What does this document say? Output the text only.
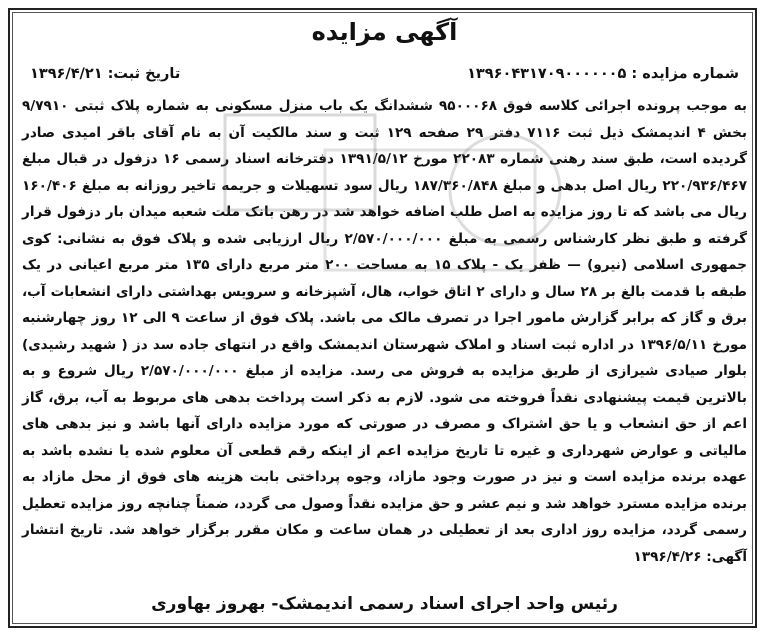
آگهی مزایده
شماره مزایده : ۱۳۹۶۰۴۳۱۷۰۹۰۰۰۰۰۰۵
تاریخ ثبت: ۱۳۹۶/۴/۲۱
به موجب پرونده اجرائی کلاسه فوق ۹۵۰۰۰۶۸ ششدانگ یک باب منزل مسکونی به شماره پلاک ثبتی ۹/۷۹۱۰ بخش ۴ اندیمشک ذیل ثبت ۷۱۱۶ دفتر ۲۹ صفحه ۱۲۹ ثبت و سند مالکیت آن به نام آقای باقر امیدی صادر گردیده است، طبق سند رهنی شماره ۲۲۰۸۳ مورخ ۱۳۹۱/۵/۱۲ دفترخانه اسناد رسمی ۱۶ دزفول در قبال مبلغ ۲۲۰/۹۳۶/۴۶۷ ریال اصل بدهی و مبلغ ۱۸۷/۳۶۰/۸۴۸ ریال سود تسهیلات و جریمه تاخیر روزانه به مبلغ ۱۶۰/۴۰۶ ریال می باشد که تا روز مزایده به اصل طلب اضافه خواهد شد در رهن بانک ملت شعبه میدان بار دزفول قرار گرفته و طبق نظر کارشناس رسمی به مبلغ ۲/۵۷۰/۰۰۰/۰۰۰ ریال ارزیابی شده و پلاک فوق به نشانی: کوی جمهوری اسلامی (نیرو) — ظفر یک - پلاک ۱۵ به مساحت ۲۰۰ متر مربع دارای ۱۳۵ متر مربع اعیانی در یک طبقه با قدمت بالغ بر ۲۸ سال و دارای ۲ اتاق خواب، هال، آشپزخانه و سرویس بهداشتی دارای انشعابات آب، برق و گاز که برابر گزارش مامور اجرا در تصرف مالک می باشد. پلاک فوق از ساعت ۹ الی ۱۲ روز چهارشنبه مورخ ۱۳۹۶/۵/۱۱ در اداره ثبت اسناد و املاک شهرستان اندیمشک واقع در انتهای جاده سد دز ( شهید رشیدی) بلوار صیادی شیرازی از طریق مزایده به فروش می رسد. مزایده از مبلغ ۲/۵۷۰/۰۰۰/۰۰۰ ریال شروع و به بالاترین قیمت پیشنهادی نقداً فروخته می شود. لازم به ذکر است پرداخت بدهی های مربوط به آب، برق، گاز اعم از حق انشعاب و یا حق اشتراک و مصرف در صورتی که مورد مزایده دارای آنها باشد و نیز بدهی های مالیاتی و عوارض شهرداری و غیره تا تاریخ مزایده اعم از اینکه رقم قطعی آن معلوم شده یا نشده باشد به عهده برنده مزایده است و نیز در صورت وجود مازاد، وجوه پرداختی بابت هزینه های فوق از محل مازاد به برنده مزایده مسترد خواهد شد و نیم عشر و حق مزایده نقداً وصول می گردد، ضمناً چنانچه روز مزایده تعطیل رسمی گردد، مزایده روز اداری بعد از تعطیلی در همان ساعت و مکان مقرر برگزار خواهد شد. تاریخ انتشار آگهی: ۱۳۹۶/۴/۲۶
رئیس واحد اجرای اسناد رسمی اندیمشک- بهروز بهاوری
